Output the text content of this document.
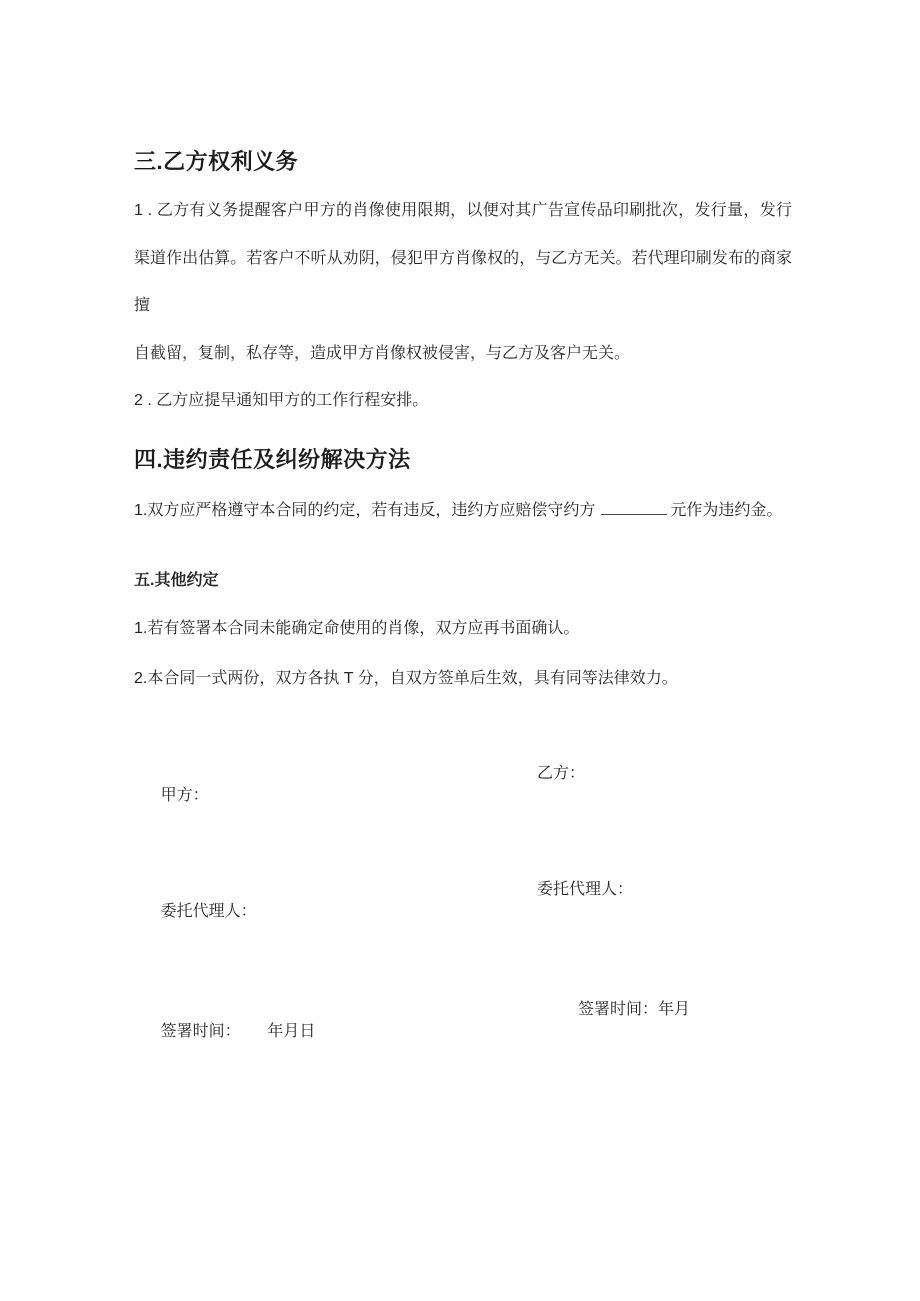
三.乙方权利义务
1 . 乙方有义务提醒客户甲方的肖像使用限期，以便对其广告宣传品印刷批次，发行量，发行
渠道作出估算。若客户不听从劝阴，侵犯甲方肖像权的，与乙方无关。若代理印刷发布的商家擅
自截留，复制，私存等，造成甲方肖像权被侵害，与乙方及客户无关。
2 . 乙方应提早通知甲方的工作行程安排。
四.违约责任及纠纷解决方法
1.双方应严格遵守本合同的约定，若有违反，违约方应赔偿守约方	元作为违约金。
五.其他约定
1.若有签署本合同未能确定命使用的肖像，双方应再书面确认。
2.本合同一式两份，双方各执 T 分，自双方签单后生效，具有同等法律效力。

甲方：

乙方：

委托代理人：

委托代理人：

签署时间： 年月日

签署时间：年月
